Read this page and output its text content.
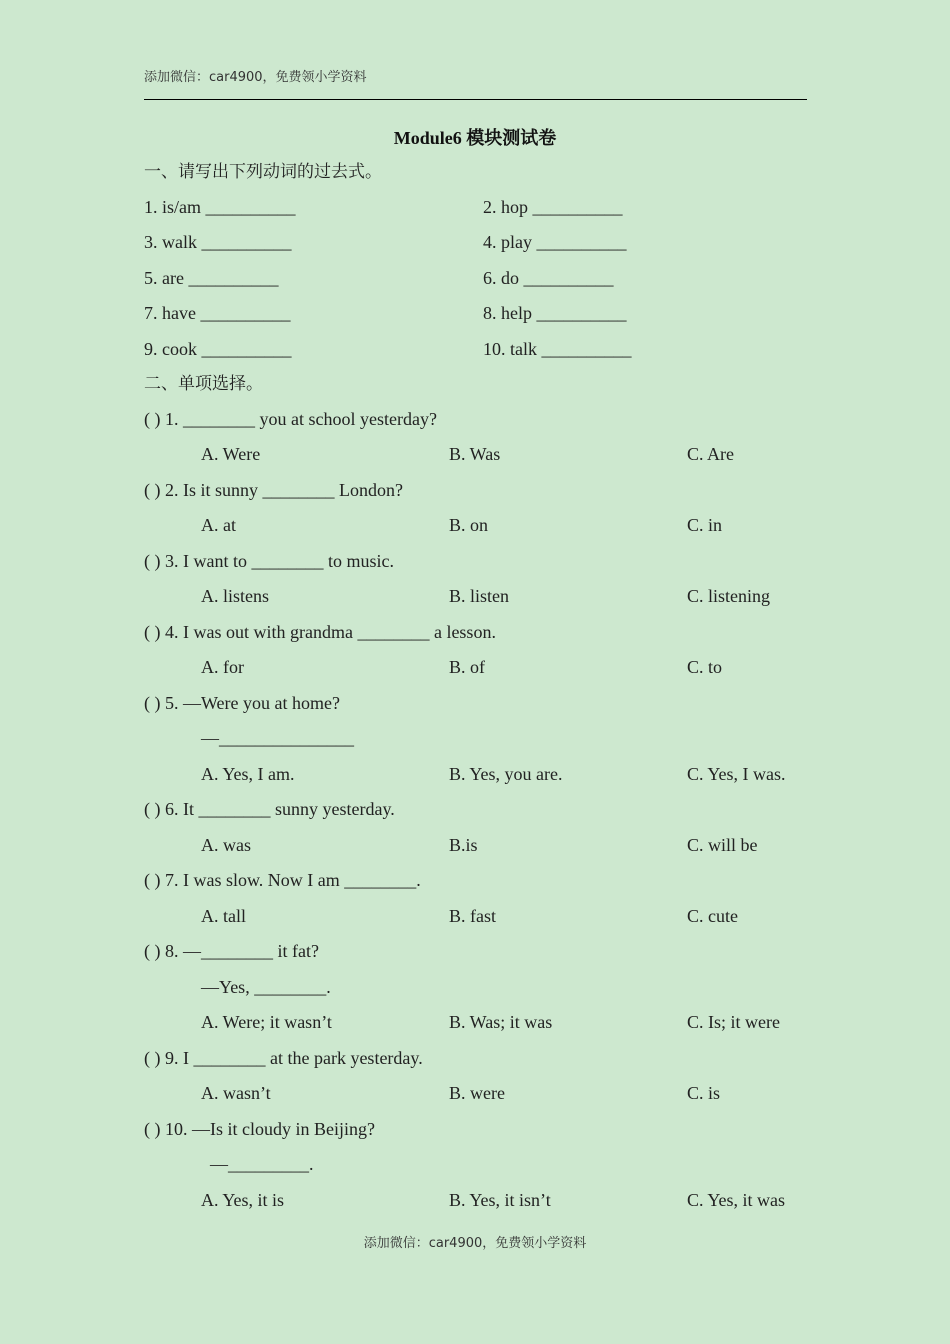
添加微信：car4900，免费领小学资料
Module6 模块测试卷
一、请写出下列动词的过去式。
1. is/am __________	2. hop __________
3. walk __________	4. play __________
5. are __________	6. do __________
7. have __________	8. help __________
9. cook __________	10. talk __________
二、单项选择。
( ) 1. ________ you at school yesterday?
A. Were	B. Was	C. Are
( ) 2. Is it sunny ________ London?
A. at	B. on	C. in
( ) 3. I want to ________ to music.
A. listens	B. listen	C. listening
( ) 4. I was out with grandma ________ a lesson.
A. for	B. of	C. to
( ) 5. —Were you at home?
—_______________
A. Yes, I am.	B. Yes, you are.	C. Yes, I was.
( ) 6. It ________ sunny yesterday.
A. was	B.is	C. will be
( ) 7. I was slow. Now I am ________.
A. tall	B. fast	C. cute
( ) 8. —________ it fat?
—Yes, ________.
A. Were; it wasn’t	B. Was; it was	C. Is; it were
( ) 9. I ________ at the park yesterday.
A. wasn’t	B. were	C. is
( ) 10. —Is it cloudy in Beijing?
—_________.
A. Yes, it is	B. Yes, it isn’t	C. Yes, it was
添加微信：car4900，免费领小学资料
